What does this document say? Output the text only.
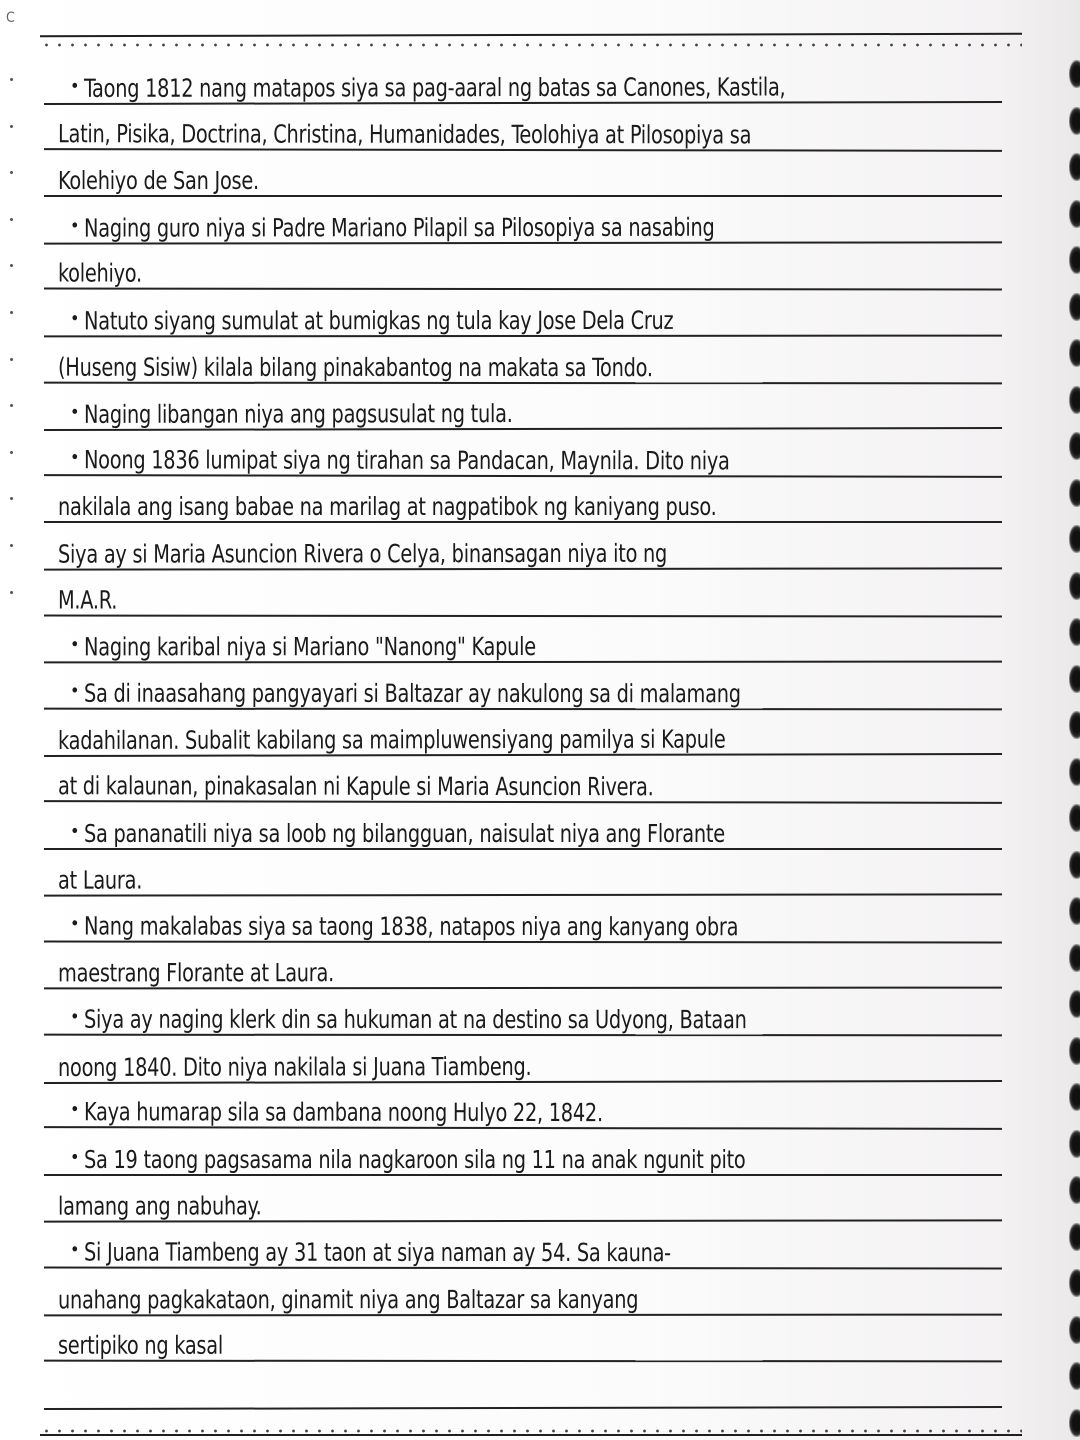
C
• Taong 1812 nang matapos siya sa pag-aaral ng batas sa Canones, Kastila,
Latin, Pisika, Doctrina, Christina, Humanidades, Teolohiya at Pilosopiya sa
Kolehiyo de San Jose.
• Naging guro niya si Padre Mariano Pilapil sa Pilosopiya sa nasabing
kolehiyo.
• Natuto siyang sumulat at bumigkas ng tula kay Jose Dela Cruz
(Huseng Sisiw) kilala bilang pinakabantog na makata sa Tondo.
• Naging libangan niya ang pagsusulat ng tula.
• Noong 1836 lumipat siya ng tirahan sa Pandacan, Maynila. Dito niya
nakilala ang isang babae na marilag at nagpatibok ng kaniyang puso.
Siya ay si Maria Asuncion Rivera o Celya, binansagan niya ito ng
M.A.R.
• Naging karibal niya si Mariano "Nanong" Kapule
• Sa di inaasahang pangyayari si Baltazar ay nakulong sa di malamang
kadahilanan. Subalit kabilang sa maimpluwensiyang pamilya si Kapule
at di kalaunan, pinakasalan ni Kapule si Maria Asuncion Rivera.
• Sa pananatili niya sa loob ng bilangguan, naisulat niya ang Florante
at Laura.
• Nang makalabas siya sa taong 1838, natapos niya ang kanyang obra
maestrang Florante at Laura.
• Siya ay naging klerk din sa hukuman at na destino sa Udyong, Bataan
noong 1840. Dito niya nakilala si Juana Tiambeng.
• Kaya humarap sila sa dambana noong Hulyo 22, 1842.
• Sa 19 taong pagsasama nila nagkaroon sila ng 11 na anak ngunit pito
lamang ang nabuhay.
• Si Juana Tiambeng ay 31 taon at siya naman ay 54. Sa kauna-
unahang pagkakataon, ginamit niya ang Baltazar sa kanyang
sertipiko ng kasal
